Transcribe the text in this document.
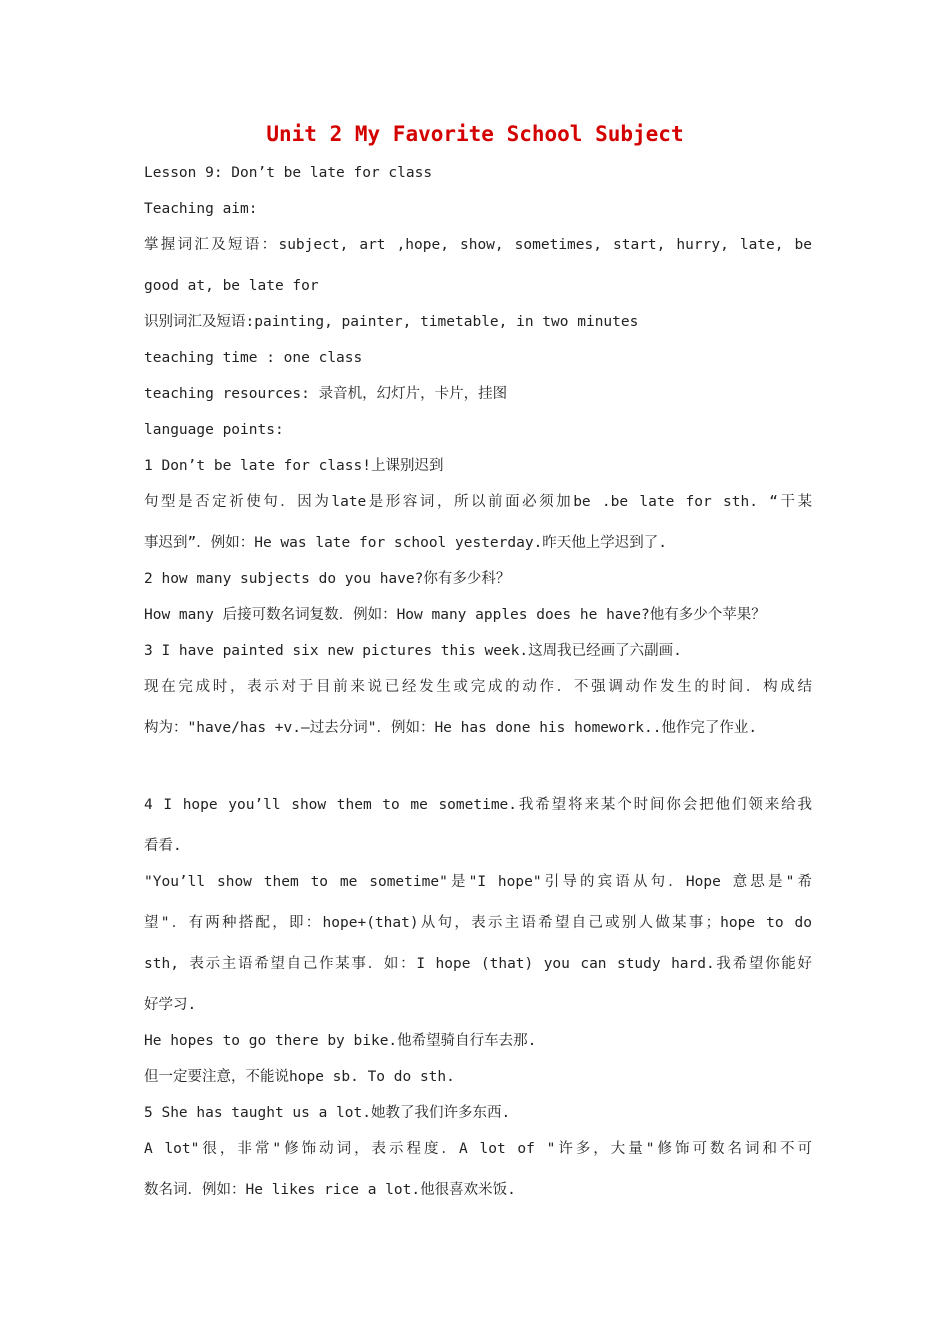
Unit 2 My Favorite School Subject
Lesson 9: Don’t be late for class
Teaching aim:
掌握词汇及短语：subject, art ,hope, show, sometimes, start, hurry, late, be
good at, be late for
识别词汇及短语:painting, painter, timetable, in two minutes
teaching time : one class
teaching resources: 录音机，幻灯片，卡片，挂图
language points:
1 Don’t be late for class!上课别迟到
句型是否定祈使句．因为late是形容词，所以前面必须加be .be late for sth. “干某
事迟到”．例如：He was late for school yesterday.昨天他上学迟到了.
2 how many subjects do you have?你有多少科？
How many 后接可数名词复数．例如：How many apples does he have?他有多少个苹果？
3 I have painted six new pictures this week.这周我已经画了六副画.
现在完成时，表示对于目前来说已经发生或完成的动作．不强调动作发生的时间．构成结
构为："have/has +v.—过去分词"．例如：He has done his homework..他作完了作业.
4 I hope you’ll show them to me sometime.我希望将来某个时间你会把他们领来给我
看看.
"You’ll show them to me sometime"是"I hope"引导的宾语从句．Hope 意思是"希
望"．有两种搭配，即：hope+(that)从句，表示主语希望自己或别人做某事；hope to do
sth, 表示主语希望自己作某事．如：I hope (that) you can study hard.我希望你能好
好学习.
He hopes to go there by bike.他希望骑自行车去那.
但一定要注意，不能说hope sb. To do sth.
5 She has taught us a lot.她教了我们许多东西.
A lot"很，非常"修饰动词，表示程度．A lot of "许多，大量"修饰可数名词和不可
数名词．例如：He likes rice a lot.他很喜欢米饭.
